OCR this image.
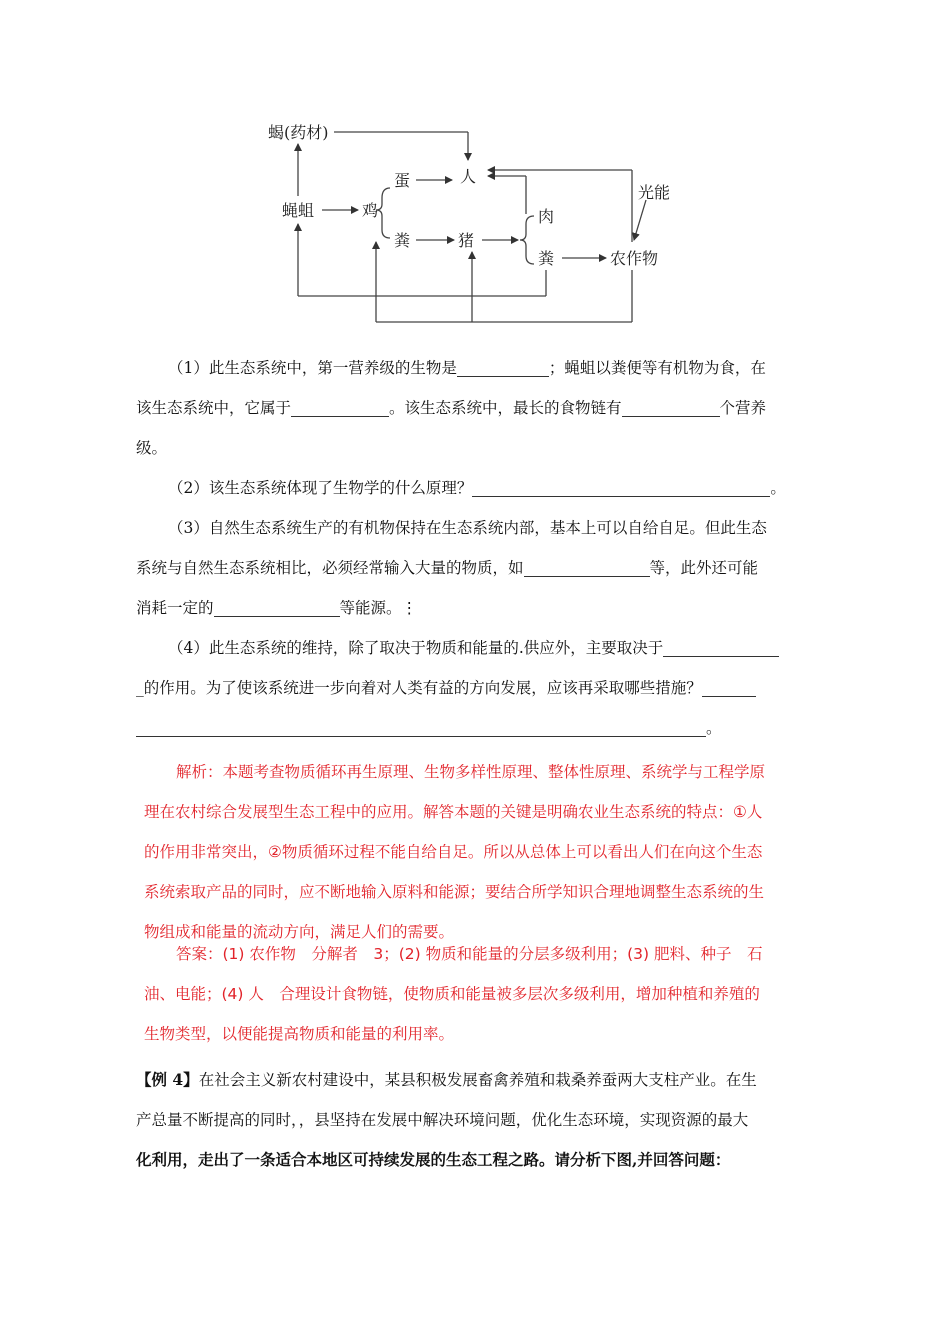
蝎(药材)
蝇蛆	鸡
蛋
粪
人
猪
肉
粪	农作物
光能
（1）此生态系统中，第一营养级的生物是	；蝇蛆以粪便等有机物为食，在
该生态系统中，它属于	。该生态系统中，最长的食物链有	个营养
级。
（2）该生态系统体现了生物学的什么原理？	。
（3）自然生态系统生产的有机物保持在生态系统内部，基本上可以自给自足。但此生态
系统与自然生态系统相比，必须经常输入大量的物质，如	等，此外还可能
消耗一定的	等能源。⋮
（4）此生态系统的维持，除了取决于物质和能量的.供应外，主要取决于
_的作用。为了使该系统进一步向着对人类有益的方向发展，应该再采取哪些措施？
。
解析：本题考查物质循环再生原理、生物多样性原理、整体性原理、系统学与工程学原
理在农村综合发展型生态工程中的应用。解答本题的关键是明确农业生态系统的特点：①人
的作用非常突出，②物质循环过程不能自给自足。所以从总体上可以看出人们在向这个生态
系统索取产品的同时，应不断地输入原料和能源；要结合所学知识合理地调整生态系统的生
物组成和能量的流动方向，满足人们的需要。
答案：(1) 农作物　分解者　3；(2) 物质和能量的分层多级利用；(3) 肥料、种子　石
油、电能；(4) 人　合理设计食物链，使物质和能量被多层次多级利用，增加种植和养殖的
生物类型，以便能提高物质和能量的利用率。
【例 4】在社会主义新农村建设中，某县积极发展畜禽养殖和栽桑养蚕两大支柱产业。在生
产总量不断提高的同时，，县坚持在发展中解决环境问题，优化生态环境，实现资源的最大
化利用，走出了一条适合本地区可持续发展的生态工程之路。请分析下图,并回答问题：
